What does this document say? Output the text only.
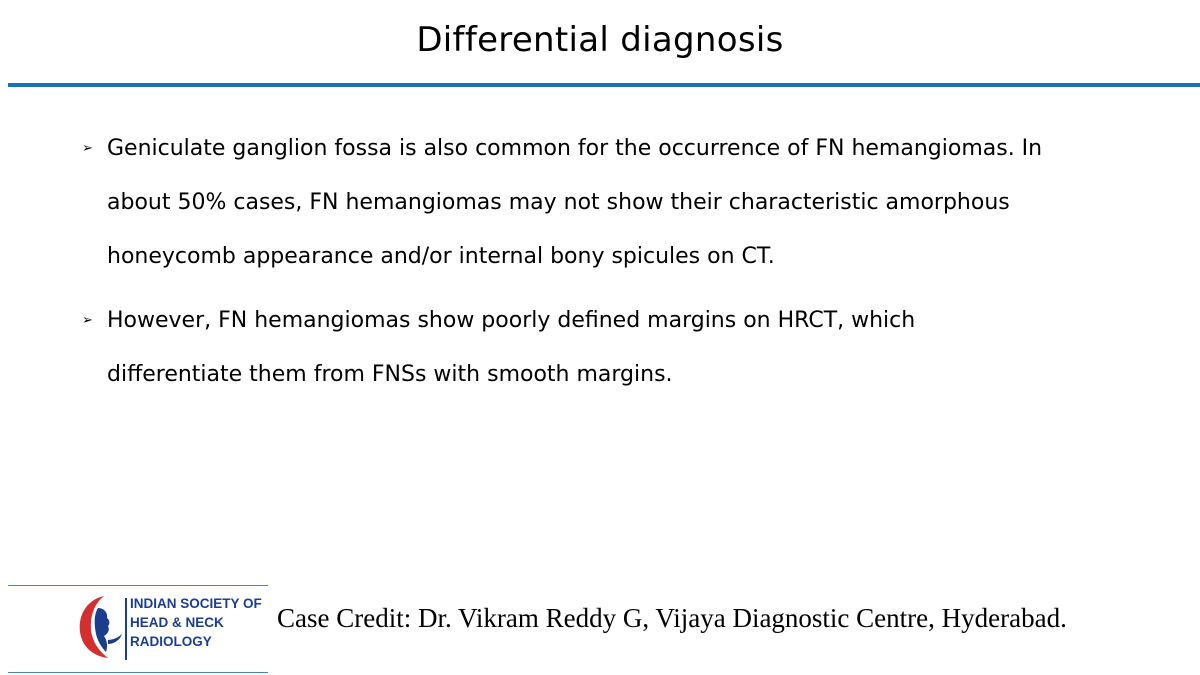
Differential diagnosis
➢ Geniculate ganglion fossa is also common for the occurrence of FN hemangiomas. In
about 50% cases, FN hemangiomas may not show their characteristic amorphous
honeycomb appearance and/or internal bony spicules on CT.
➢ However, FN hemangiomas show poorly defined margins on HRCT, which
differentiate them from FNSs with smooth margins.
INDIAN SOCIETY OF
HEAD & NECK
RADIOLOGY
Case Credit: Dr. Vikram Reddy G, Vijaya Diagnostic Centre, Hyderabad.
